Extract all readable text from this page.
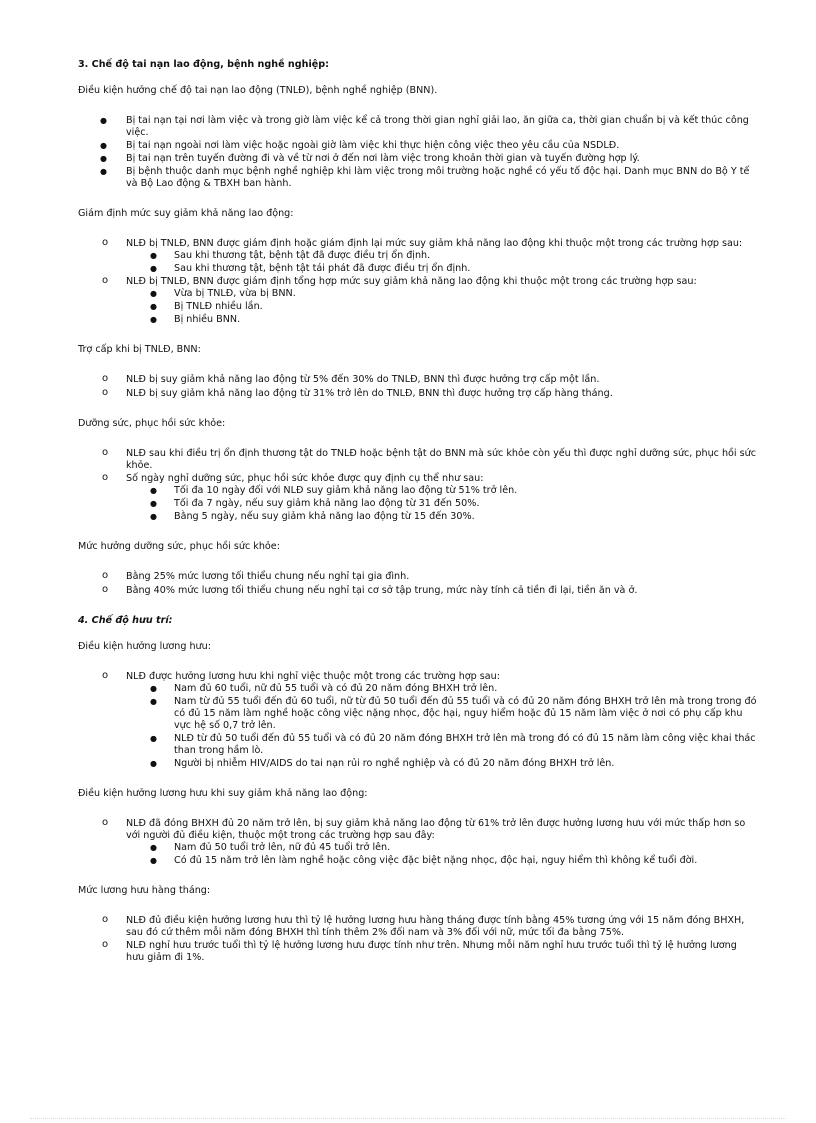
3. Chế độ tai nạn lao động, bệnh nghề nghiệp:

Điều kiện hưởng chế độ tai nạn lao động (TNLĐ), bệnh nghề nghiệp (BNN).

● Bị tai nạn tại nơi làm việc và trong giờ làm việc kể cả trong thời gian nghỉ giải lao, ăn giữa ca, thời gian chuẩn bị và kết thúc công việc.
● Bị tai nạn ngoài nơi làm việc hoặc ngoài giờ làm việc khi thực hiện công việc theo yêu cầu của NSDLĐ.
● Bị tai nạn trên tuyến đường đi và về từ nơi ở đến nơi làm việc trong khoản thời gian và tuyến đường hợp lý.
● Bị bệnh thuộc danh mục bệnh nghề nghiệp khi làm việc trong môi trường hoặc nghề có yếu tố độc hại. Danh mục BNN do Bộ Y tế và Bộ Lao động & TBXH ban hành.

Giám định mức suy giảm khả năng lao động:

o NLĐ bị TNLĐ, BNN được giám định hoặc giám định lại mức suy giảm khả năng lao động khi thuộc một trong các trường hợp sau:
● Sau khi thương tật, bệnh tật đã được điều trị ổn định.
● Sau khi thương tật, bệnh tật tái phát đã được điều trị ổn định.
o NLĐ bị TNLĐ, BNN được giám định tổng hợp mức suy giảm khả năng lao động khi thuộc một trong các trường hợp sau:
● Vừa bị TNLĐ, vừa bị BNN.
● Bị TNLĐ nhiều lần.
● Bị nhiều BNN.

Trợ cấp khi bị TNLĐ, BNN:

o NLĐ bị suy giảm khả năng lao động từ 5% đến 30% do TNLĐ, BNN thì được hưởng trợ cấp một lần.
o NLĐ bị suy giảm khả năng lao động từ 31% trở lên do TNLĐ, BNN thì được hưởng trợ cấp hàng tháng.

Dưỡng sức, phục hồi sức khỏe:

o NLĐ sau khi điều trị ổn định thương tật do TNLĐ hoặc bệnh tật do BNN mà sức khỏe còn yếu thì được nghỉ dưỡng sức, phục hồi sức khỏe.
o Số ngày nghỉ dưỡng sức, phục hồi sức khỏe được quy định cụ thể như sau:
● Tối đa 10 ngày đối với NLĐ suy giảm khả năng lao động từ 51% trở lên.
● Tối đa 7 ngày, nếu suy giảm khả năng lao động từ 31 đến 50%.
● Bằng 5 ngày, nếu suy giảm khả năng lao động từ 15 đến 30%.

Mức hưởng dưỡng sức, phục hồi sức khỏe:

o Bằng 25% mức lương tối thiểu chung nếu nghỉ tại gia đình.
o Bằng 40% mức lương tối thiểu chung nếu nghỉ tại cơ sở tập trung, mức này tính cả tiền đi lại, tiền ăn và ở.

4. Chế độ hưu trí:

Điều kiện hưởng lương hưu:

o NLĐ được hưởng lương hưu khi nghỉ việc thuộc một trong các trường hợp sau:
● Nam đủ 60 tuổi, nữ đủ 55 tuổi và có đủ 20 năm đóng BHXH trở lên.
● Nam từ đủ 55 tuổi đến đủ 60 tuổi, nữ từ đủ 50 tuổi đến đủ 55 tuổi và có đủ 20 năm đóng BHXH trở lên mà trong trong đó có đủ 15 năm làm nghề hoặc công việc nặng nhọc, độc hại, nguy hiểm hoặc đủ 15 năm làm việc ở nơi có phụ cấp khu vực hệ số 0,7 trở lên.
● NLĐ từ đủ 50 tuổi đến đủ 55 tuổi và có đủ 20 năm đóng BHXH trở lên mà trong đó có đủ 15 năm làm công việc khai thác than trong hầm lò.
● Người bị nhiễm HIV/AIDS do tai nạn rủi ro nghề nghiệp và có đủ 20 năm đóng BHXH trở lên.

Điều kiện hưởng lương hưu khi suy giảm khả năng lao động:

o NLĐ đã đóng BHXH đủ 20 năm trở lên, bị suy giảm khả năng lao động từ 61% trở lên được hưởng lương hưu với mức thấp hơn so với người đủ điều kiện, thuộc một trong các trường hợp sau đây:
● Nam đủ 50 tuổi trở lên, nữ đủ 45 tuổi trở lên.
● Có đủ 15 năm trở lên làm nghề hoặc công việc đặc biệt nặng nhọc, độc hại, nguy hiểm thì không kể tuổi đời.

Mức lương hưu hàng tháng:

o NLĐ đủ điều kiện hưởng lương hưu thì tỷ lệ hưởng lương hưu hàng tháng được tính bằng 45% tương ứng với 15 năm đóng BHXH, sau đó cứ thêm mỗi năm đóng BHXH thì tính thêm 2% đối nam và 3% đối với nữ, mức tối đa bằng 75%.
o NLĐ nghỉ hưu trước tuổi thì tỷ lệ hưởng lương hưu được tính như trên. Nhưng mỗi năm nghỉ hưu trước tuổi thì tỷ lệ hưởng lương hưu giảm đi 1%.
